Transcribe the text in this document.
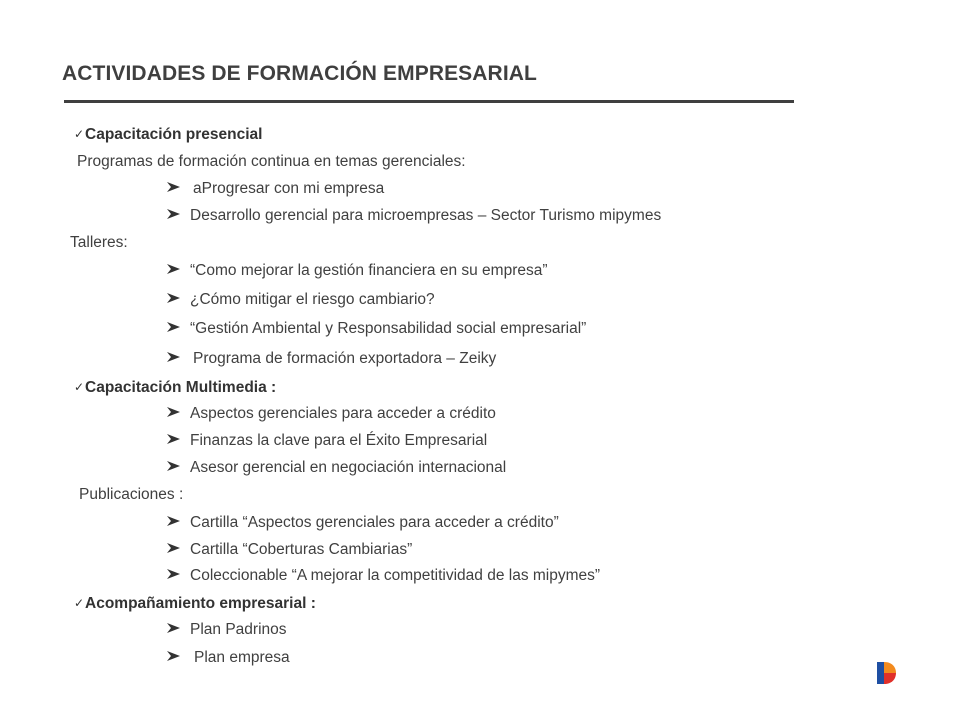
ACTIVIDADES DE FORMACIÓN EMPRESARIAL
✓Capacitación presencial
Programas de formación continua en temas gerenciales:
aProgresar con mi empresa
Desarrollo gerencial para microempresas – Sector Turismo mipymes
Talleres:
“Como mejorar la gestión financiera en su empresa”
¿Cómo mitigar el riesgo cambiario?
“Gestión Ambiental y Responsabilidad social empresarial”
Programa de formación exportadora – Zeiky
✓Capacitación Multimedia :
Aspectos gerenciales para acceder a crédito
Finanzas la clave para el Éxito Empresarial
Asesor gerencial en negociación internacional
Publicaciones :
Cartilla “Aspectos gerenciales para acceder a crédito”
Cartilla “Coberturas Cambiarias”
Coleccionable “A mejorar la competitividad de las mipymes”
✓Acompañamiento empresarial :
Plan Padrinos
Plan empresa
